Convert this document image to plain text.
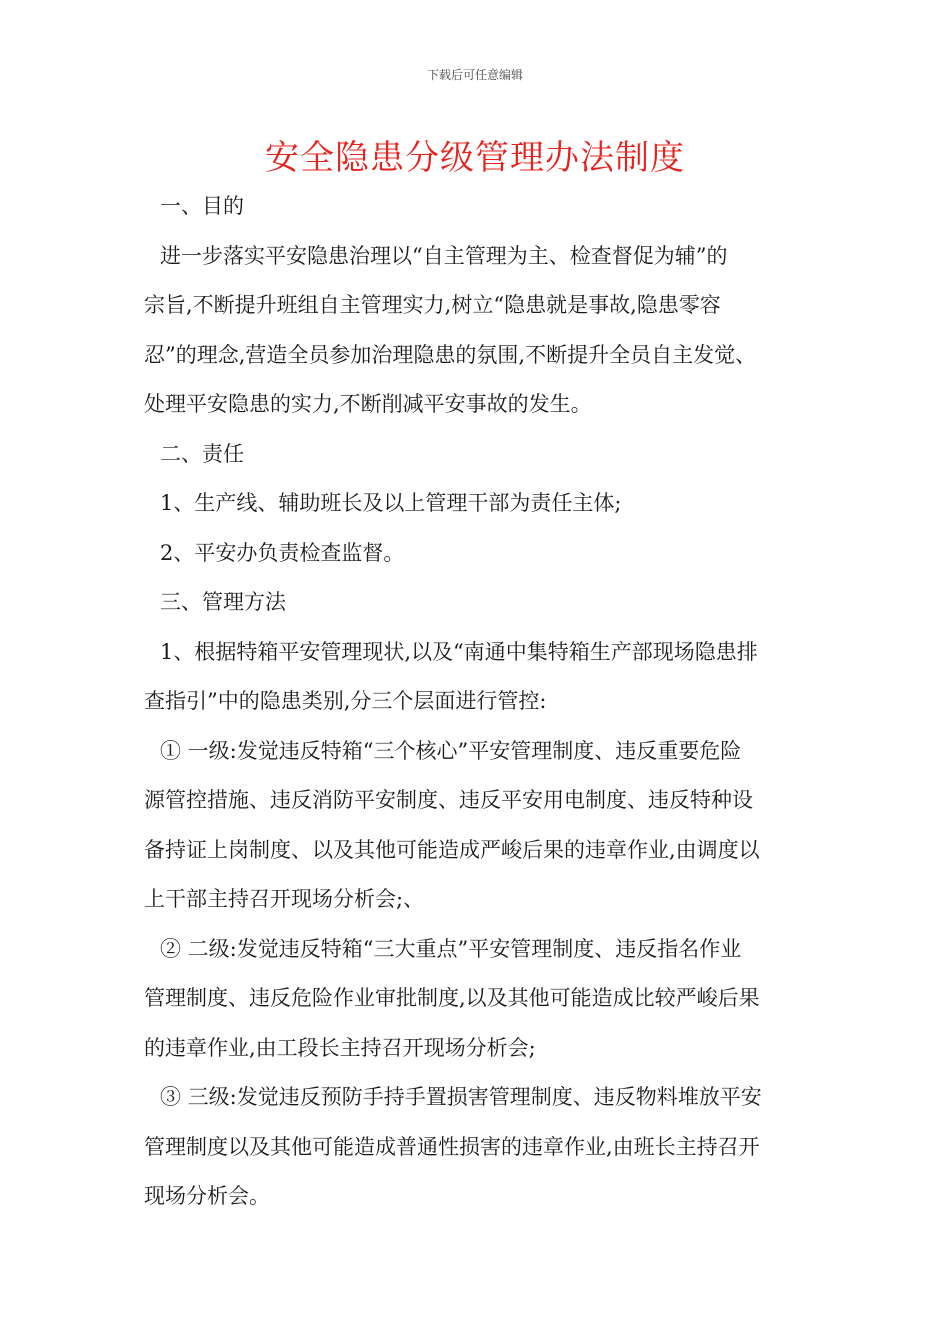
下载后可任意编辑
安全隐患分级管理办法制度
一、目的
进一步落实平安隐患治理以“自主管理为主、检查督促为辅”的
宗旨,不断提升班组自主管理实力,树立“隐患就是事故,隐患零容
忍”的理念,营造全员参加治理隐患的氛围,不断提升全员自主发觉、
处理平安隐患的实力,不断削减平安事故的发生。
二、责任
1、生产线、辅助班长及以上管理干部为责任主体;
2、平安办负责检查监督。
三、管理方法
1、根据特箱平安管理现状,以及“南通中集特箱生产部现场隐患排
查指引”中的隐患类别,分三个层面进行管控:
① 一级:发觉违反特箱“三个核心”平安管理制度、违反重要危险
源管控措施、违反消防平安制度、违反平安用电制度、违反特种设
备持证上岗制度、以及其他可能造成严峻后果的违章作业,由调度以
上干部主持召开现场分析会;、
② 二级:发觉违反特箱“三大重点”平安管理制度、违反指名作业
管理制度、违反危险作业审批制度,以及其他可能造成比较严峻后果
的违章作业,由工段长主持召开现场分析会;
③ 三级:发觉违反预防手持手置损害管理制度、违反物料堆放平安
管理制度以及其他可能造成普通性损害的违章作业,由班长主持召开
现场分析会。
